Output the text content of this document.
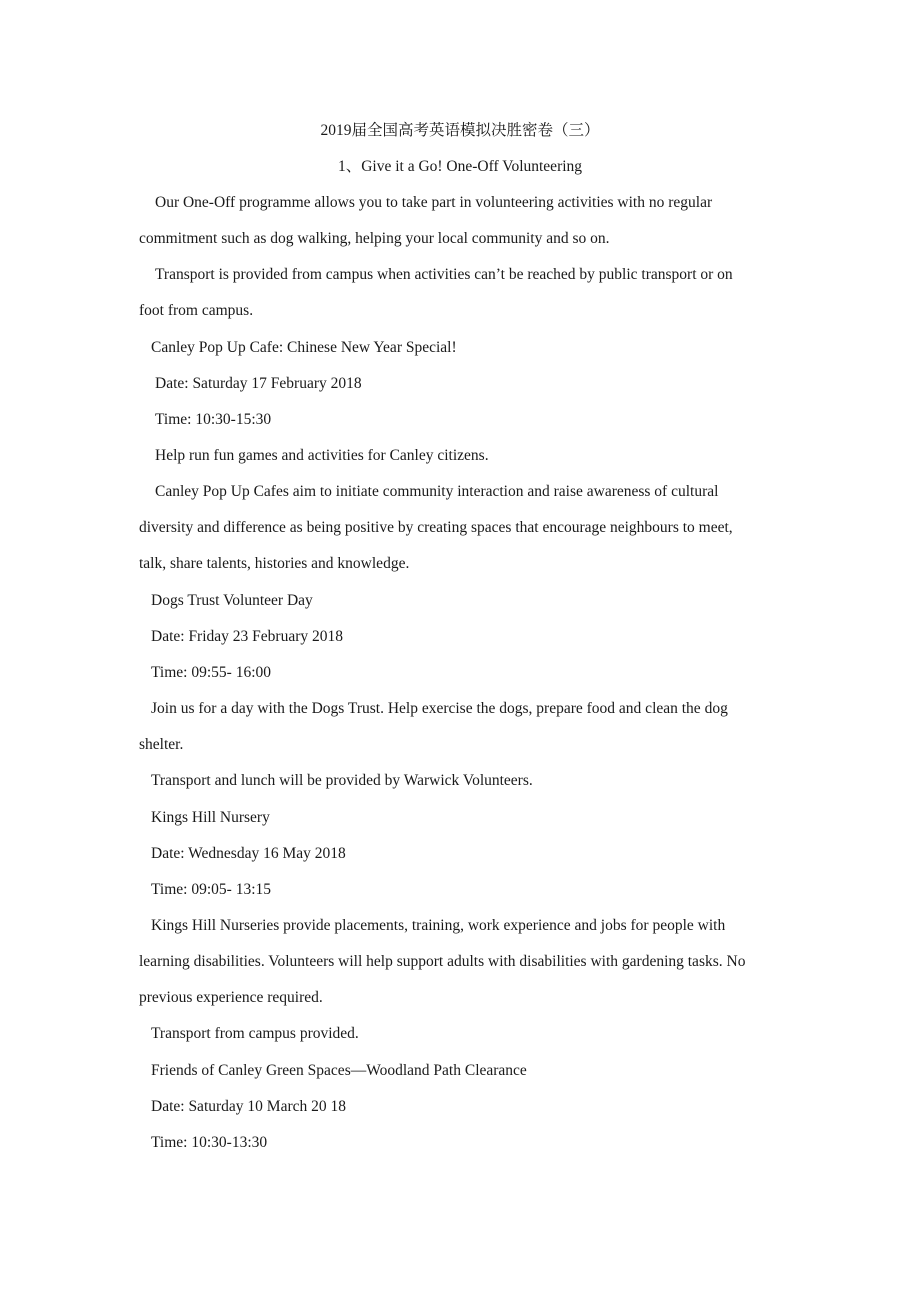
2019届全国高考英语模拟决胜密卷（三）
1、Give it a Go! One-Off Volunteering
Our One-Off programme allows you to take part in volunteering activities with no regular
commitment such as dog walking, helping your local community and so on.
Transport is provided from campus when activities can’t be reached by public transport or on
foot from campus.
Canley Pop Up Cafe: Chinese New Year Special!
Date: Saturday 17 February 2018
Time: 10:30-15:30
Help run fun games and activities for Canley citizens.
Canley Pop Up Cafes aim to initiate community interaction and raise awareness of cultural
diversity and difference as being positive by creating spaces that encourage neighbours to meet,
talk, share talents, histories and knowledge.
Dogs Trust Volunteer Day
Date: Friday 23 February 2018
Time: 09:55- 16:00
Join us for a day with the Dogs Trust. Help exercise the dogs, prepare food and clean the dog
shelter.
Transport and lunch will be provided by Warwick Volunteers.
Kings Hill Nursery
Date: Wednesday 16 May 2018
Time: 09:05- 13:15
Kings Hill Nurseries provide placements, training, work experience and jobs for people with
learning disabilities. Volunteers will help support adults with disabilities with gardening tasks. No
previous experience required.
Transport from campus provided.
Friends of Canley Green Spaces—Woodland Path Clearance
Date: Saturday 10 March 20 18
Time: 10:30-13:30
